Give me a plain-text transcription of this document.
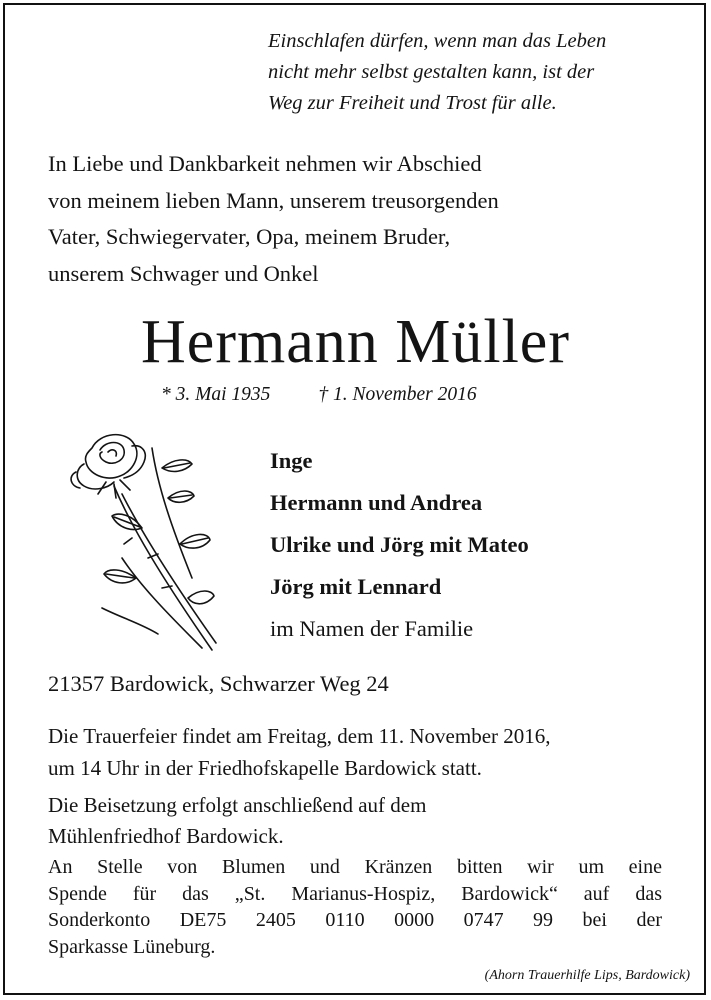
Einschlafen dürfen, wenn man das Leben
nicht mehr selbst gestalten kann, ist der
Weg zur Freiheit und Trost für alle.
In Liebe und Dankbarkeit nehmen wir Abschied
von meinem lieben Mann, unserem treusorgenden
Vater, Schwiegervater, Opa, meinem Bruder,
unserem Schwager und Onkel
Hermann Müller
* 3. Mai 1935 † 1. November 2016
Inge
Hermann und Andrea
Ulrike und Jörg mit Mateo
Jörg mit Lennard
im Namen der Familie
21357 Bardowick, Schwarzer Weg 24
Die Trauerfeier findet am Freitag, dem 11. November 2016,
um 14 Uhr in der Friedhofskapelle Bardowick statt.
Die Beisetzung erfolgt anschließend auf dem
Mühlenfriedhof Bardowick.
An Stelle von Blumen und Kränzen bitten wir um eine
Spende für das „St. Marianus-Hospiz, Bardowick“ auf das
Sonderkonto DE75 2405 0110 0000 0747 99 bei der
Sparkasse Lüneburg.
(Ahorn Trauerhilfe Lips, Bardowick)
